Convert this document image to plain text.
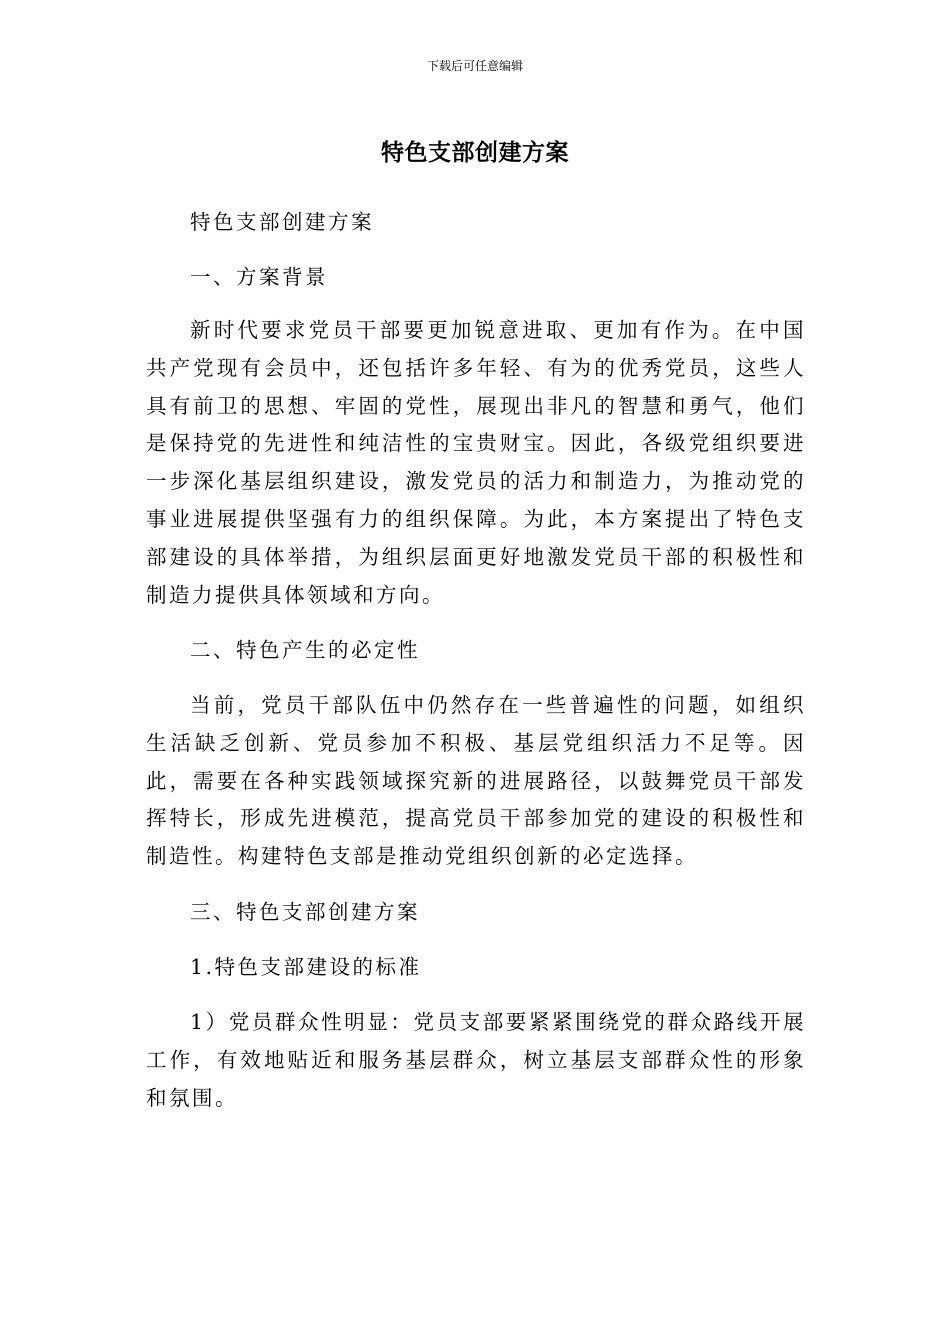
下载后可任意编辑
特色支部创建方案

特色支部创建方案

一、方案背景

新时代要求党员干部要更加锐意进取、更加有作为。在中国共产党现有会员中，还包括许多年轻、有为的优秀党员，这些人具有前卫的思想、牢固的党性，展现出非凡的智慧和勇气，他们是保持党的先进性和纯洁性的宝贵财宝。因此，各级党组织要进一步深化基层组织建设，激发党员的活力和制造力，为推动党的事业进展提供坚强有力的组织保障。为此，本方案提出了特色支部建设的具体举措，为组织层面更好地激发党员干部的积极性和制造力提供具体领域和方向。

二、特色产生的必定性

当前，党员干部队伍中仍然存在一些普遍性的问题，如组织生活缺乏创新、党员参加不积极、基层党组织活力不足等。因此，需要在各种实践领域探究新的进展路径，以鼓舞党员干部发挥特长，形成先进模范，提高党员干部参加党的建设的积极性和制造性。构建特色支部是推动党组织创新的必定选择。

三、特色支部创建方案

1.特色支部建设的标准

1）党员群众性明显：党员支部要紧紧围绕党的群众路线开展工作，有效地贴近和服务基层群众，树立基层支部群众性的形象和氛围。
